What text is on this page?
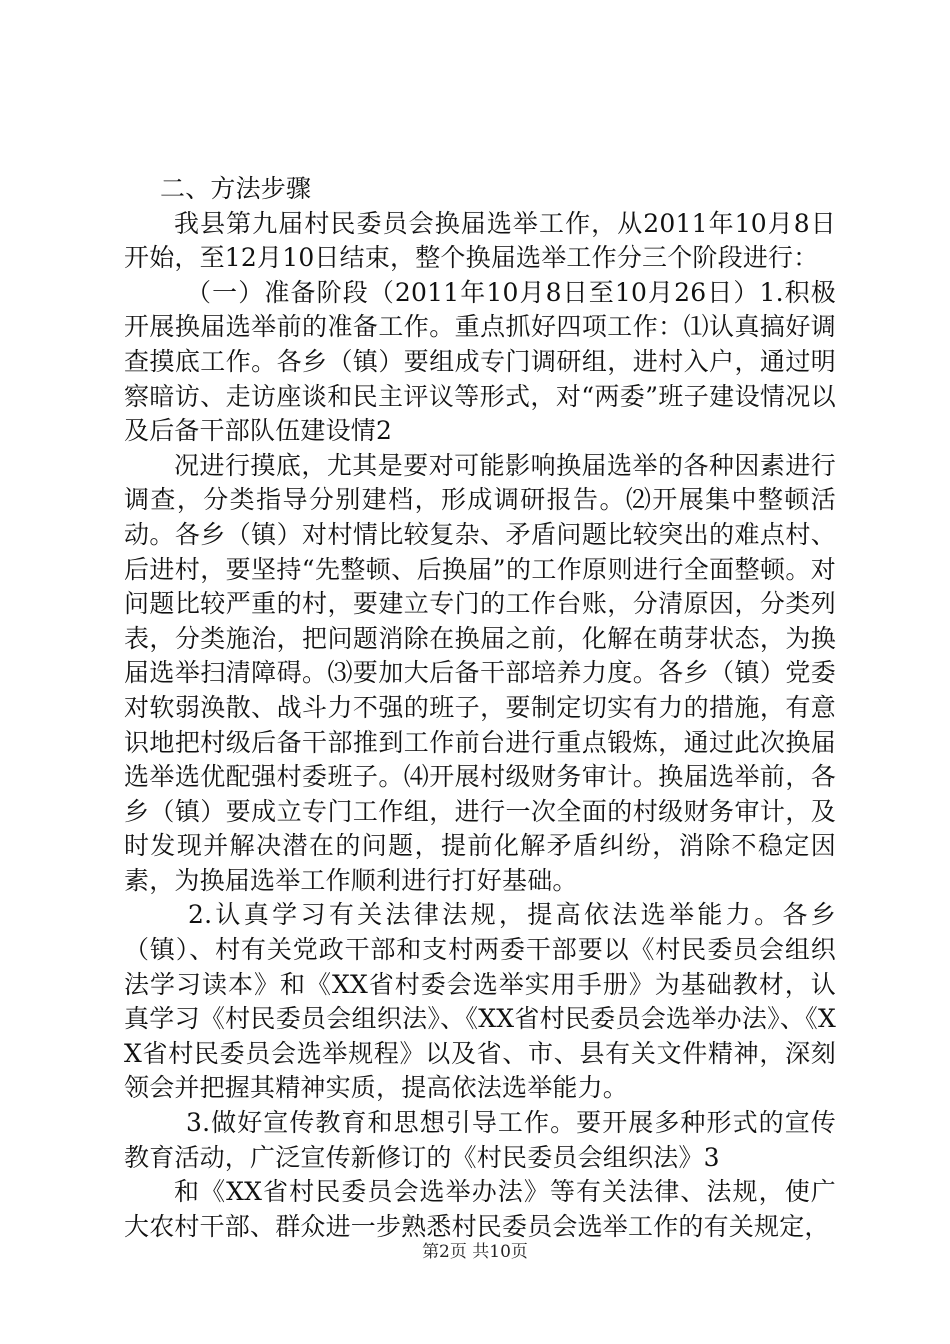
二、方法步骤

我县第九届村民委员会换届选举工作，从2011年10月8日开始，至12月10日结束，整个换届选举工作分三个阶段进行：

（一）准备阶段（2011年10月8日至10月26日）1.积极开展换届选举前的准备工作。重点抓好四项工作：⑴认真搞好调查摸底工作。各乡（镇）要组成专门调研组，进村入户，通过明察暗访、走访座谈和民主评议等形式，对“两委”班子建设情况以及后备干部队伍建设情2

况进行摸底，尤其是要对可能影响换届选举的各种因素进行调查，分类指导分别建档，形成调研报告。⑵开展集中整顿活动。各乡（镇）对村情比较复杂、矛盾问题比较突出的难点村、后进村，要坚持“先整顿、后换届”的工作原则进行全面整顿。对问题比较严重的村，要建立专门的工作台账，分清原因，分类列表，分类施治，把问题消除在换届之前，化解在萌芽状态，为换届选举扫清障碍。⑶要加大后备干部培养力度。各乡（镇）党委对软弱涣散、战斗力不强的班子，要制定切实有力的措施，有意识地把村级后备干部推到工作前台进行重点锻炼，通过此次换届选举选优配强村委班子。⑷开展村级财务审计。换届选举前，各乡（镇）要成立专门工作组，进行一次全面的村级财务审计，及时发现并解决潜在的问题，提前化解矛盾纠纷，消除不稳定因素，为换届选举工作顺利进行打好基础。

2.认真学习有关法律法规，提高依法选举能力。各乡（镇）、村有关党政干部和支村两委干部要以《村民委员会组织法学习读本》和《XX省村委会选举实用手册》为基础教材，认真学习《村民委员会组织法》、《XX省村民委员会选举办法》、《XX省村民委员会选举规程》以及省、市、县有关文件精神，深刻领会并把握其精神实质，提高依法选举能力。

3.做好宣传教育和思想引导工作。要开展多种形式的宣传教育活动，广泛宣传新修订的《村民委员会组织法》3

和《XX省村民委员会选举办法》等有关法律、法规，使广大农村干部、群众进一步熟悉村民委员会选举工作的有关规定，

第2页 共10页
